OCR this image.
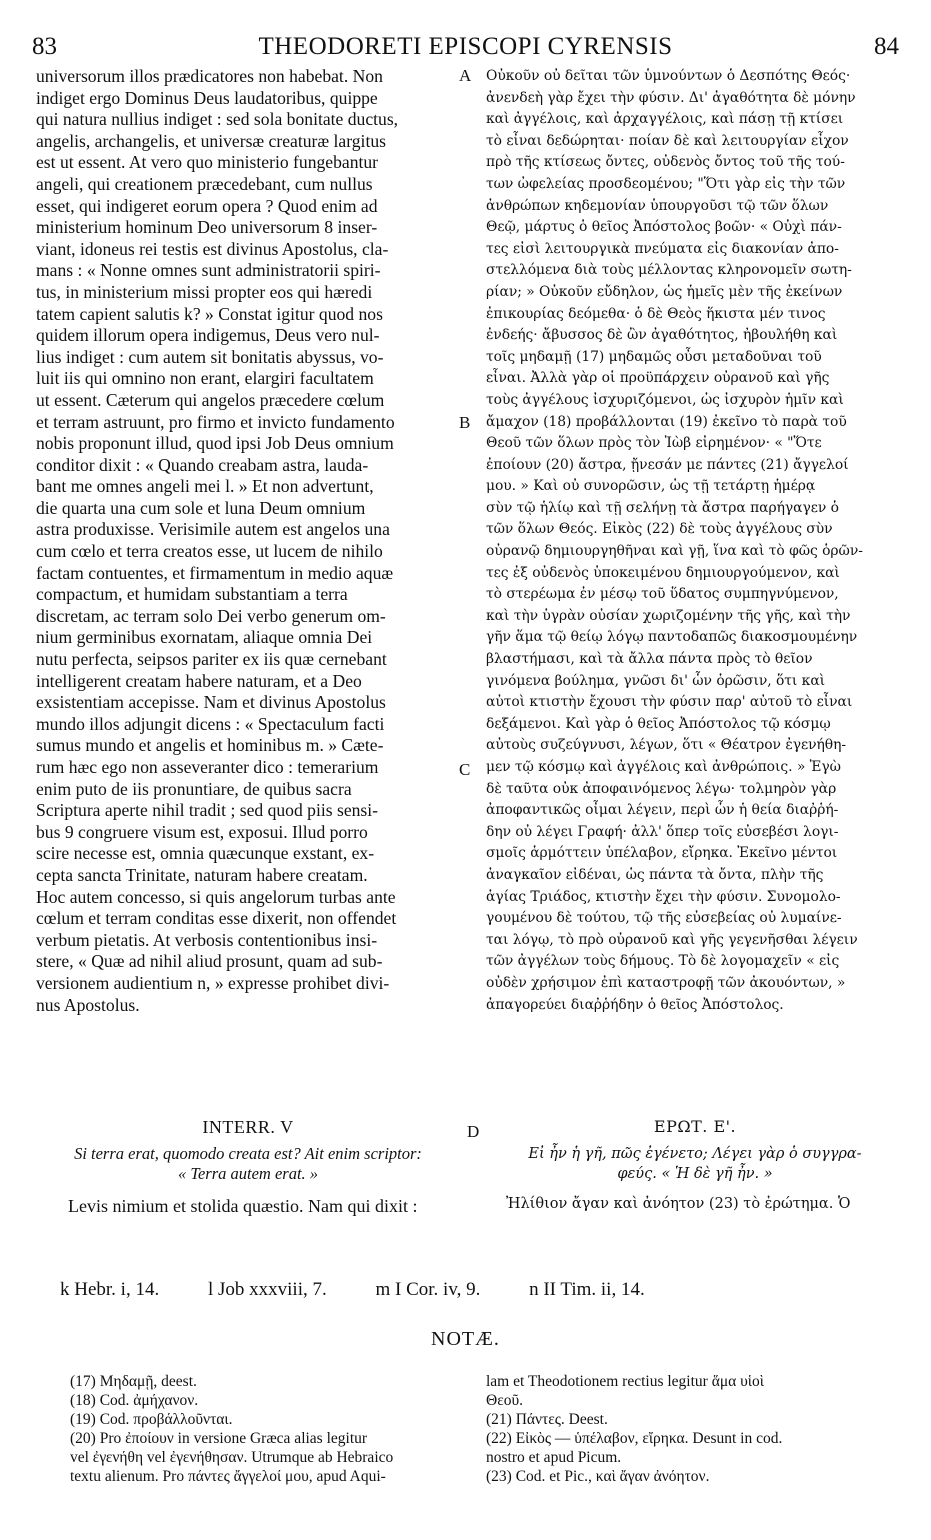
83	THEODORETI EPISCOPI CYRENSIS	84
universorum illos prædicatores non habebat. Non
indiget ergo Dominus Deus laudatoribus, quippe
qui natura nullius indiget : sed sola bonitate ductus,
angelis, archangelis, et universæ creaturæ largitus
est ut essent. At vero quo ministerio fungebantur
angeli, qui creationem præcedebant, cum nullus
esset, qui indigeret eorum opera ? Quod enim ad
ministerium hominum Deo universorum 8 inser-
viant, idoneus rei testis est divinus Apostolus, cla-
mans : « Nonne omnes sunt administratorii spiri-
tus, in ministerium missi propter eos qui hæredi
tatem capient salutis k? » Constat igitur quod nos
quidem illorum opera indigemus, Deus vero nul-
lius indiget : cum autem sit bonitatis abyssus, vo-
luit iis qui omnino non erant, elargiri facultatem
ut essent. Cæterum qui angelos præcedere cœlum
et terram astruunt, pro firmo et invicto fundamento
nobis proponunt illud, quod ipsi Job Deus omnium
conditor dixit : « Quando creabam astra, lauda-
bant me omnes angeli mei l. » Et non advertunt,
die quarta una cum sole et luna Deum omnium
astra produxisse. Verisimile autem est angelos una
cum cœlo et terra creatos esse, ut lucem de nihilo
factam contuentes, et firmamentum in medio aquæ
compactum, et humidam substantiam a terra
discretam, ac terram solo Dei verbo generum om-
nium germinibus exornatam, aliaque omnia Dei
nutu perfecta, seipsos pariter ex iis quæ cernebant
intelligerent creatam habere naturam, et a Deo
exsistentiam accepisse. Nam et divinus Apostolus
mundo illos adjungit dicens : « Spectaculum facti
sumus mundo et angelis et hominibus m. » Cæte-
rum hæc ego non asseveranter dico : temerarium
enim puto de iis pronuntiare, de quibus sacra
Scriptura aperte nihil tradit ; sed quod piis sensi-
bus 9 congruere visum est, exposui. Illud porro
scire necesse est, omnia quæcunque exstant, ex-
cepta sancta Trinitate, naturam habere creatam.
Hoc autem concesso, si quis angelorum turbas ante
cœlum et terram conditas esse dixerit, non offendet
verbum pietatis. At verbosis contentionibus insi-
stere, « Quæ ad nihil aliud prosunt, quam ad sub-
versionem audientium n, » expresse prohibet divi-
nus Apostolus.
Οὐκοῦν οὐ δεῖται τῶν ὑμνούντων ὁ Δεσπότης Θεός·
ἀνενδεὴ γὰρ ἔχει τὴν φύσιν. Δι' ἀγαθότητα δὲ μόνην
καὶ ἀγγέλοις, καὶ ἀρχαγγέλοις, καὶ πάσῃ τῇ κτίσει
τὸ εἶναι δεδώρηται· ποίαν δὲ καὶ λειτουργίαν εἶχον
πρὸ τῆς κτίσεως ὄντες, οὐδενὸς ὄντος τοῦ τῆς τού-
των ὠφελείας προσδεομένου; "Ὅτι γὰρ εἰς τὴν τῶν
ἀνθρώπων κηδεμονίαν ὑπουργοῦσι τῷ τῶν ὅλων
Θεῷ, μάρτυς ὁ θεῖος Ἀπόστολος βοῶν· « Οὐχὶ πάν-
τες εἰσὶ λειτουργικὰ πνεύματα εἰς διακονίαν ἀπο-
στελλόμενα διὰ τοὺς μέλλοντας κληρονομεῖν σωτη-
ρίαν; » Οὐκοῦν εὔδηλον, ὡς ἡμεῖς μὲν τῆς ἐκείνων
ἐπικουρίας δεόμεθα· ὁ δὲ Θεὸς ἥκιστα μέν τινος
ἐνδεής· ἄβυσσος δὲ ὢν ἀγαθότητος, ἠβουλήθη καὶ
τοῖς μηδαμῇ (17) μηδαμῶς οὖσι μεταδοῦναι τοῦ
εἶναι. Ἀλλὰ γὰρ οἱ προϋπάρχειν οὐρανοῦ καὶ γῆς
τοὺς ἀγγέλους ἰσχυριζόμενοι, ὡς ἰσχυρὸν ἡμῖν καὶ
ἄμαχον (18) προβάλλονται (19) ἐκεῖνο τὸ παρὰ τοῦ
Θεοῦ τῶν ὅλων πρὸς τὸν Ἰὼβ εἰρημένον· « "Ὅτε
ἐποίουν (20) ἄστρα, ᾔνεσάν με πάντες (21) ἄγγελοί
μου. » Καὶ οὐ συνορῶσιν, ὡς τῇ τετάρτῃ ἡμέρᾳ
σὺν τῷ ἡλίῳ καὶ τῇ σελήνῃ τὰ ἄστρα παρήγαγεν ὁ
τῶν ὅλων Θεός. Εἰκὸς (22) δὲ τοὺς ἀγγέλους σὺν
οὐρανῷ δημιουργηθῆναι καὶ γῇ, ἵνα καὶ τὸ φῶς ὁρῶν-
τες ἐξ οὐδενὸς ὑποκειμένου δημιουργούμενον, καὶ
τὸ στερέωμα ἐν μέσῳ τοῦ ὕδατος συμπηγνύμενον,
καὶ τὴν ὑγρὰν οὐσίαν χωριζομένην τῆς γῆς, καὶ τὴν
γῆν ἅμα τῷ θείῳ λόγῳ παντοδαπῶς διακοσμουμένην
βλαστήμασι, καὶ τὰ ἄλλα πάντα πρὸς τὸ θεῖον
γινόμενα βούλημα, γνῶσι δι' ὧν ὁρῶσιν, ὅτι καὶ
αὐτοὶ κτιστὴν ἔχουσι τὴν φύσιν παρ' αὐτοῦ τὸ εἶναι
δεξάμενοι. Καὶ γὰρ ὁ θεῖος Ἀπόστολος τῷ κόσμῳ
αὐτοὺς συζεύγνυσι, λέγων, ὅτι « Θέατρον ἐγενήθη-
μεν τῷ κόσμῳ καὶ ἀγγέλοις καὶ ἀνθρώποις. » Ἐγὼ
δὲ ταῦτα οὐκ ἀποφαινόμενος λέγω· τολμηρὸν γὰρ
ἀποφαντικῶς οἶμαι λέγειν, περὶ ὧν ἡ θεία διαῤῥή-
δην οὐ λέγει Γραφή· ἀλλ' ὅπερ τοῖς εὐσεβέσι λογι-
σμοῖς ἁρμόττειν ὑπέλαβον, εἴρηκα. Ἐκεῖνο μέντοι
ἀναγκαῖον εἰδέναι, ὡς πάντα τὰ ὄντα, πλὴν τῆς
ἁγίας Τριάδος, κτιστὴν ἔχει τὴν φύσιν. Συνομολο-
γουμένου δὲ τούτου, τῷ τῆς εὐσεβείας οὐ λυμαίνε-
ται λόγῳ, τὸ πρὸ οὐρανοῦ καὶ γῆς γεγενῆσθαι λέγειν
τῶν ἀγγέλων τοὺς δήμους. Τὸ δὲ λογομαχεῖν « εἰς
οὐδὲν χρήσιμον ἐπὶ καταστροφῇ τῶν ἀκουόντων, »
ἀπαγορεύει διαῤῥήδην ὁ θεῖος Ἀπόστολος.
A
B
C
D
INTERR. V	ΕΡΩΤ. Ε'.
Si terra erat, quomodo creata est? Ait enim scriptor:
« Terra autem erat. »
Εἰ ἦν ἡ γῆ, πῶς ἐγένετο; Λέγει γὰρ ὁ συγγρα-
φεύς. « Ἡ δὲ γῆ ἦν. »
Levis nimium et stolida quæstio. Nam qui dixit :	Ἠλίθιον ἄγαν καὶ ἀνόητον (23) τὸ ἐρώτημα. Ὁ
k Hebr. i, 14.	l Job xxxviii, 7.	m I Cor. iv, 9.	n II Tim. ii, 14.
NOTÆ.
(17) Μηδαμῇ, deest.
(18) Cod. ἀμήχανον.
(19) Cod. προβάλλοῦνται.
(20) Pro ἐποίουν in versione Græca alias legitur
vel ἐγενήθη vel ἐγενήθησαν. Utrumque ab Hebraico
textu alienum. Pro πάντες ἄγγελοί μου, apud Aqui-
lam et Theodotionem rectius legitur ἅμα υἱοὶ
Θεοῦ.
(21) Πάντες. Deest.
(22) Εἰκὸς — ὑπέλαβον, εἴρηκα. Desunt in cod.
nostro et apud Picum.
(23) Cod. et Pic., καὶ ἄγαν ἀνόητον.
